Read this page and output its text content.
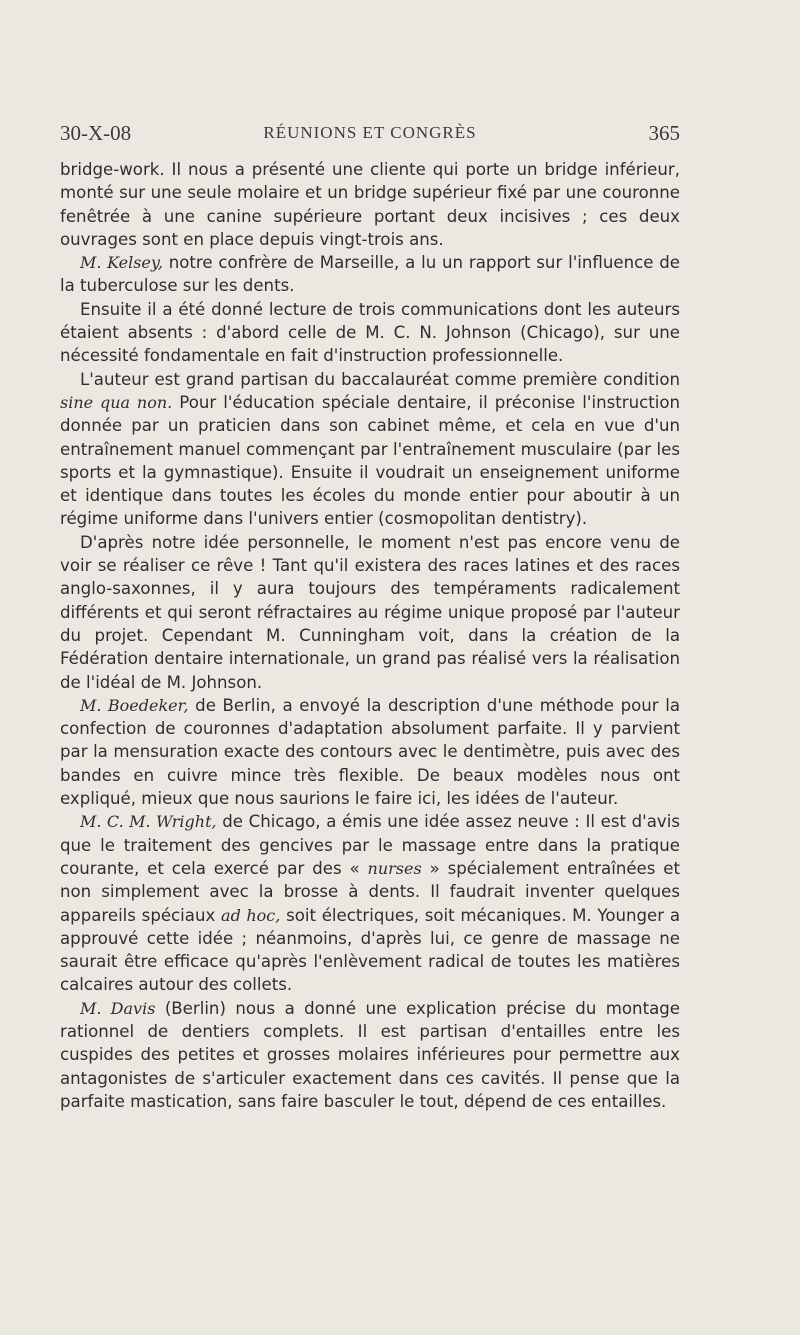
30-X-08	RÉUNIONS ET CONGRÈS	365

bridge-work. Il nous a présenté une cliente qui porte un bridge inférieur, monté sur une seule molaire et un bridge supérieur fixé par une couronne fenêtrée à une canine supérieure portant deux incisives ; ces deux ouvrages sont en place depuis vingt-trois ans.

M. Kelsey, notre confrère de Marseille, a lu un rapport sur l'influence de la tuberculose sur les dents.

Ensuite il a été donné lecture de trois communications dont les auteurs étaient absents : d'abord celle de M. C. N. Johnson (Chicago), sur une nécessité fondamentale en fait d'instruction professionnelle.

L'auteur est grand partisan du baccalauréat comme première condition sine qua non. Pour l'éducation spéciale dentaire, il préconise l'instruction donnée par un praticien dans son cabinet même, et cela en vue d'un entraînement manuel commençant par l'entraînement musculaire (par les sports et la gymnastique). Ensuite il voudrait un enseignement uniforme et identique dans toutes les écoles du monde entier pour aboutir à un régime uniforme dans l'univers entier (cosmopolitan dentistry).

D'après notre idée personnelle, le moment n'est pas encore venu de voir se réaliser ce rêve ! Tant qu'il existera des races latines et des races anglo-saxonnes, il y aura toujours des tempéraments radicalement différents et qui seront réfractaires au régime unique proposé par l'auteur du projet. Cependant M. Cunningham voit, dans la création de la Fédération dentaire internationale, un grand pas réalisé vers la réalisation de l'idéal de M. Johnson.

M. Boedeker, de Berlin, a envoyé la description d'une méthode pour la confection de couronnes d'adaptation absolument parfaite. Il y parvient par la mensuration exacte des contours avec le dentimètre, puis avec des bandes en cuivre mince très flexible. De beaux modèles nous ont expliqué, mieux que nous saurions le faire ici, les idées de l'auteur.

M. C. M. Wright, de Chicago, a émis une idée assez neuve : Il est d'avis que le traitement des gencives par le massage entre dans la pratique courante, et cela exercé par des « nurses » spécialement entraînées et non simplement avec la brosse à dents. Il faudrait inventer quelques appareils spéciaux ad hoc, soit électriques, soit mécaniques. M. Younger a approuvé cette idée ; néanmoins, d'après lui, ce genre de massage ne saurait être efficace qu'après l'enlèvement radical de toutes les matières calcaires autour des collets.

M. Davis (Berlin) nous a donné une explication précise du montage rationnel de dentiers complets. Il est partisan d'entailles entre les cuspides des petites et grosses molaires inférieures pour permettre aux antagonistes de s'articuler exactement dans ces cavités. Il pense que la parfaite mastication, sans faire basculer le tout, dépend de ces entailles.
